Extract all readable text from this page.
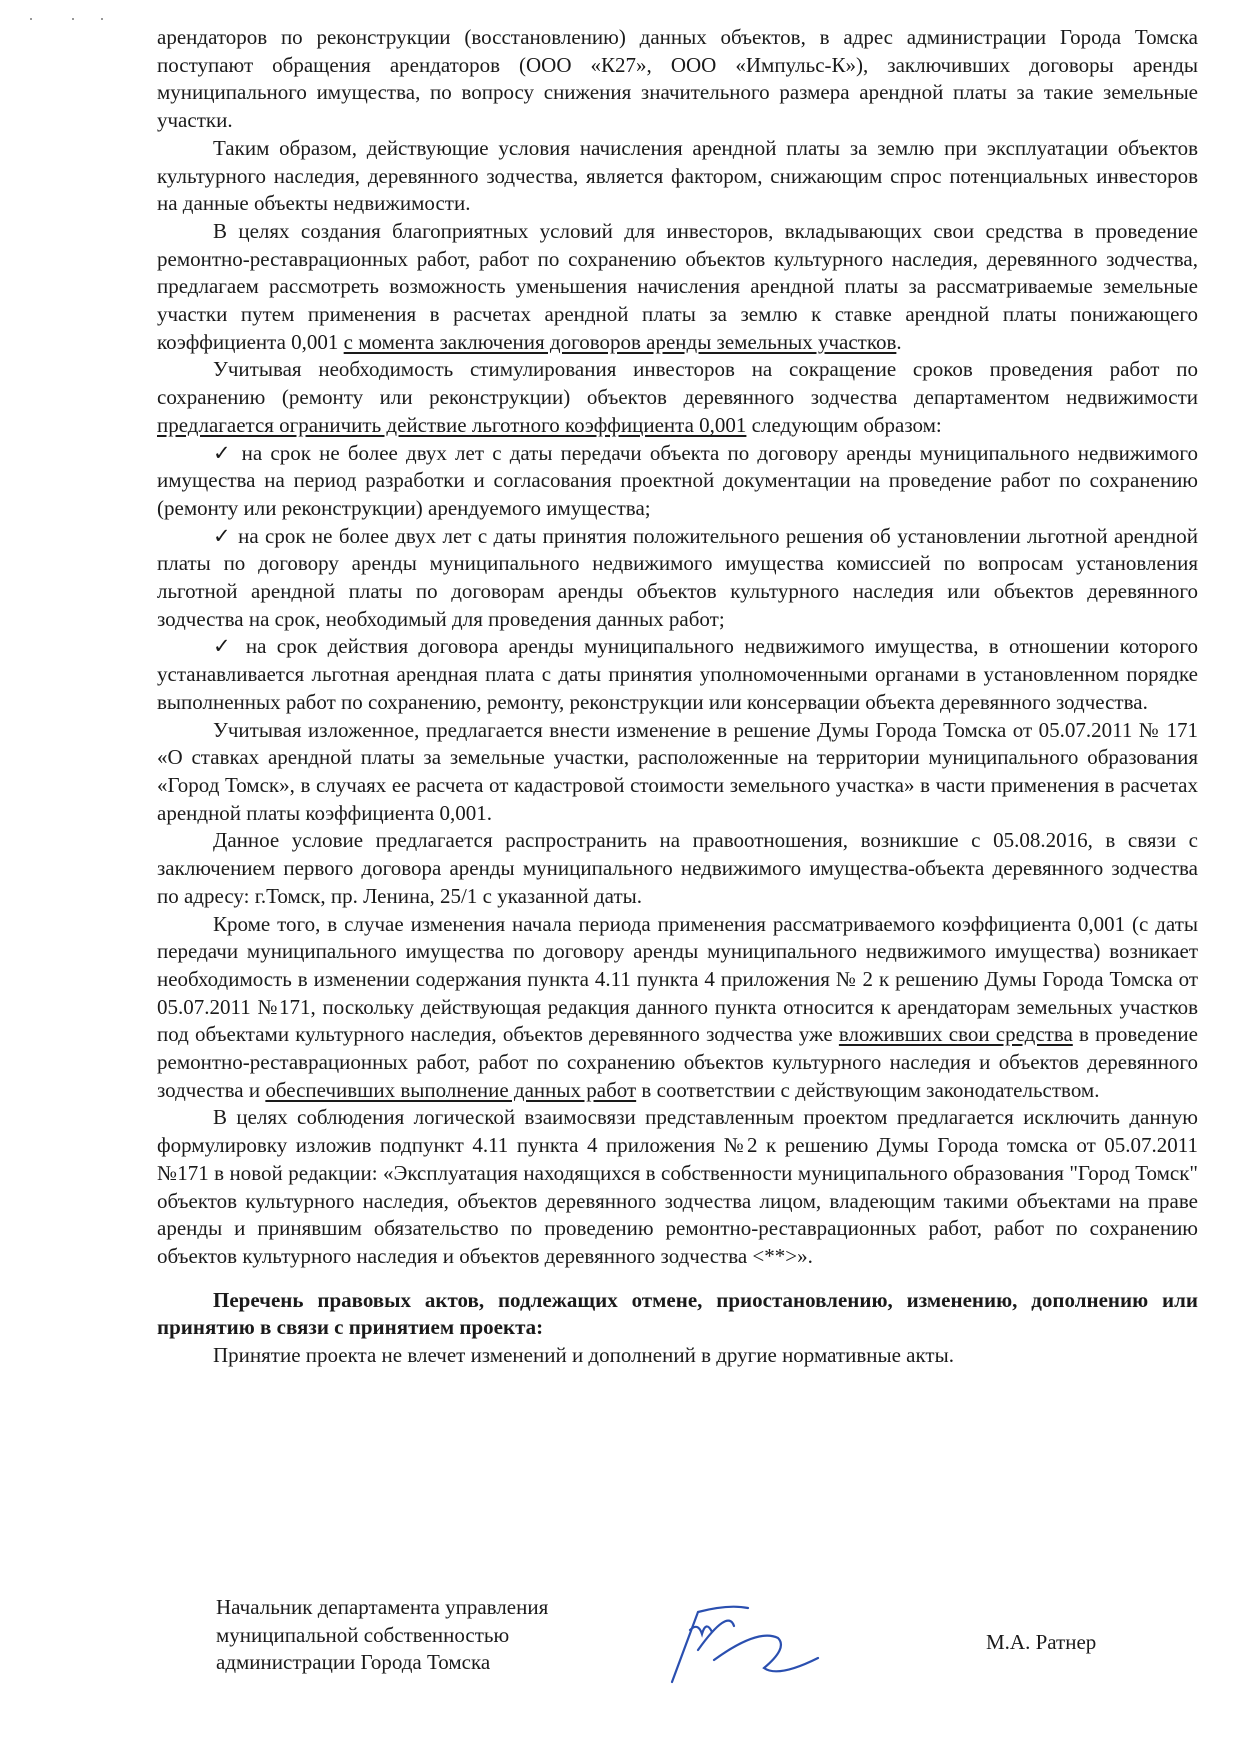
арендаторов по реконструкции (восстановлению) данных объектов, в адрес администрации Города Томска поступают обращения арендаторов (ООО «К27», ООО «Импульс-К»), заключивших договоры аренды муниципального имущества, по вопросу снижения значительного размера арендной платы за такие земельные участки.

Таким образом, действующие условия начисления арендной платы за землю при эксплуатации объектов культурного наследия, деревянного зодчества, является фактором, снижающим спрос потенциальных инвесторов на данные объекты недвижимости.

В целях создания благоприятных условий для инвесторов, вкладывающих свои средства в проведение ремонтно-реставрационных работ, работ по сохранению объектов культурного наследия, деревянного зодчества, предлагаем рассмотреть возможность уменьшения начисления арендной платы за рассматриваемые земельные участки путем применения в расчетах арендной платы за землю к ставке арендной платы понижающего коэффициента 0,001 с момента заключения договоров аренды земельных участков.

Учитывая необходимость стимулирования инвесторов на сокращение сроков проведения работ по сохранению (ремонту или реконструкции) объектов деревянного зодчества департаментом недвижимости предлагается ограничить действие льготного коэффициента 0,001 следующим образом:

✓ на срок не более двух лет с даты передачи объекта по договору аренды муниципального недвижимого имущества на период разработки и согласования проектной документации на проведение работ по сохранению (ремонту или реконструкции) арендуемого имущества;

✓ на срок не более двух лет с даты принятия положительного решения об установлении льготной арендной платы по договору аренды муниципального недвижимого имущества комиссией по вопросам установления льготной арендной платы по договорам аренды объектов культурного наследия или объектов деревянного зодчества на срок, необходимый для проведения данных работ;

✓ на срок действия договора аренды муниципального недвижимого имущества, в отношении которого устанавливается льготная арендная плата с даты принятия уполномоченными органами в установленном порядке выполненных работ по сохранению, ремонту, реконструкции или консервации объекта деревянного зодчества.

Учитывая изложенное, предлагается внести изменение в решение Думы Города Томска от 05.07.2011 № 171 «О ставках арендной платы за земельные участки, расположенные на территории муниципального образования «Город Томск», в случаях ее расчета от кадастровой стоимости земельного участка» в части применения в расчетах арендной платы коэффициента 0,001.

Данное условие предлагается распространить на правоотношения, возникшие с 05.08.2016, в связи с заключением первого договора аренды муниципального недвижимого имущества-объекта деревянного зодчества по адресу: г.Томск, пр. Ленина, 25/1 с указанной даты.

Кроме того, в случае изменения начала периода применения рассматриваемого коэффициента 0,001 (с даты передачи муниципального имущества по договору аренды муниципального недвижимого имущества) возникает необходимость в изменении содержания пункта 4.11 пункта 4 приложения № 2 к решению Думы Города Томска от 05.07.2011 №171, поскольку действующая редакция данного пункта относится к арендаторам земельных участков под объектами культурного наследия, объектов деревянного зодчества уже вложивших свои средства в проведение ремонтно-реставрационных работ, работ по сохранению объектов культурного наследия и объектов деревянного зодчества и обеспечивших выполнение данных работ в соответствии с действующим законодательством.

В целях соблюдения логической взаимосвязи представленным проектом предлагается исключить данную формулировку изложив подпункт 4.11 пункта 4 приложения №2 к решению Думы Города томска от 05.07.2011 №171 в новой редакции: «Эксплуатация находящихся в собственности муниципального образования "Город Томск" объектов культурного наследия, объектов деревянного зодчества лицом, владеющим такими объектами на праве аренды и принявшим обязательство по проведению ремонтно-реставрационных работ, работ по сохранению объектов культурного наследия и объектов деревянного зодчества <**>».

Перечень правовых актов, подлежащих отмене, приостановлению, изменению, дополнению или принятию в связи с принятием проекта:

Принятие проекта не влечет изменений и дополнений в другие нормативные акты.

Начальник департамента управления
муниципальной собственностью
администрации Города Томска
М.А. Ратнер
